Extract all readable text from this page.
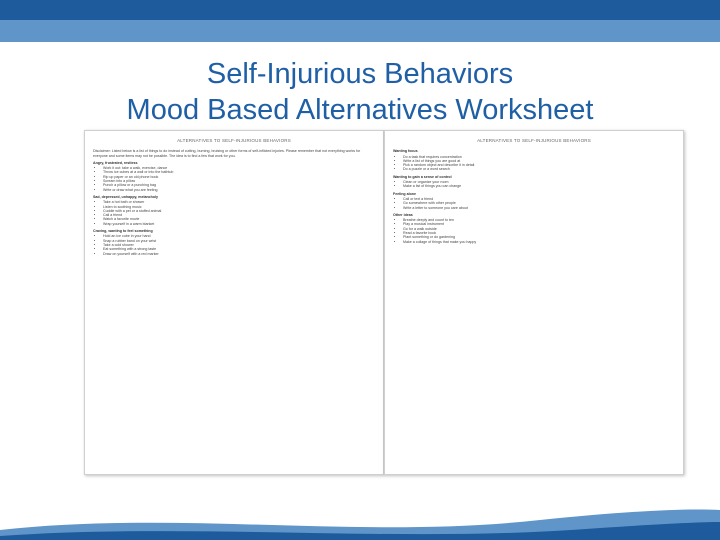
Self-Injurious Behaviors
Mood Based Alternatives Worksheet
ALTERNATIVES TO SELF-INJURIOUS BEHAVIORS
Disclaimer: Listed below is a list of things to do instead of cutting, burning, bruising or other forms of self-inflicted injuries. Please remember that not everything works for everyone and some items may not be possible. The idea is to find a few that work for you.
Angry, frustrated, restless
• Work it out: take a walk, exercise, dance
• Throw ice cubes at a wall or into the bathtub
• Rip up paper or an old phone book
• Scream into a pillow
• Punch a pillow or a punching bag
• Write or draw what you are feeling
Sad, depressed, unhappy, melancholy
• Take a hot bath or shower
• Listen to soothing music
• Cuddle with a pet or a stuffed animal
• Call a friend
• Watch a favorite movie
• Wrap yourself in a warm blanket
Craving, wanting to feel something
• Hold an ice cube in your hand
• Snap a rubber band on your wrist
• Take a cold shower
• Eat something with a strong taste
• Draw on yourself with a red marker
ALTERNATIVES TO SELF-INJURIOUS BEHAVIORS
Wanting focus
• Do a task that requires concentration
• Write a list of things you are good at
• Pick a random object and describe it in detail
• Do a puzzle or a word search
Wanting to gain a sense of control
• Clean or organize your room
• Make a list of things you can change
Feeling alone
• Call or text a friend
• Go somewhere with other people
• Write a letter to someone you care about
Other ideas
• Breathe deeply and count to ten
• Play a musical instrument
• Go for a walk outside
• Read a favorite book
• Plant something or do gardening
• Make a collage of things that make you happy
